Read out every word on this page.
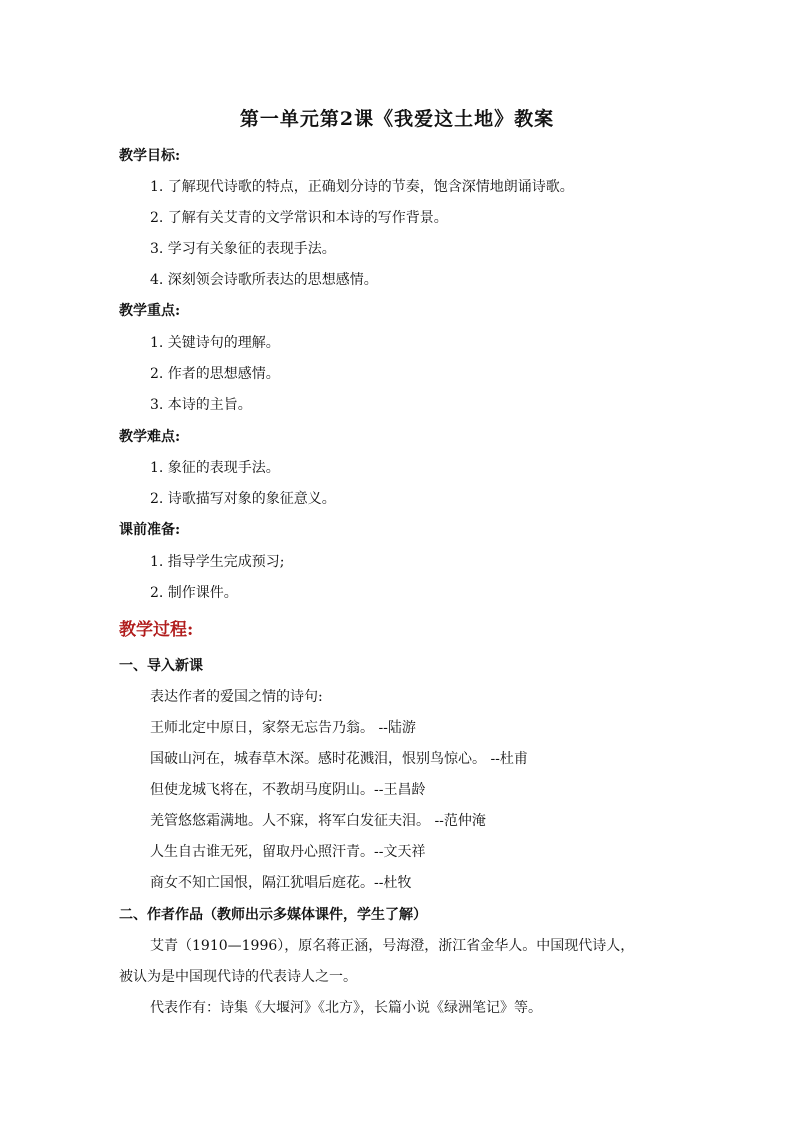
第一单元第2课《我爱这土地》教案
教学目标:
1. 了解现代诗歌的特点，正确划分诗的节奏，饱含深情地朗诵诗歌。
2. 了解有关艾青的文学常识和本诗的写作背景。
3. 学习有关象征的表现手法。
4. 深刻领会诗歌所表达的思想感情。
教学重点:
1. 关键诗句的理解。
2. 作者的思想感情。
3. 本诗的主旨。
教学难点:
1. 象征的表现手法。
2. 诗歌描写对象的象征意义。
课前准备:
1. 指导学生完成预习;
2. 制作课件。
教学过程:
一、导入新课
表达作者的爱国之情的诗句:
王师北定中原日，家祭无忘告乃翁。 --陆游
国破山河在，城春草木深。感时花溅泪，恨别鸟惊心。 --杜甫
但使龙城飞将在，不教胡马度阴山。--王昌龄
羌管悠悠霜满地。人不寐，将军白发征夫泪。 --范仲淹
人生自古谁无死，留取丹心照汗青。--文天祥
商女不知亡国恨，隔江犹唱后庭花。--杜牧
二、作者作品（教师出示多媒体课件，学生了解）
艾青（1910—1996），原名蒋正涵，号海澄，浙江省金华人。中国现代诗人，
被认为是中国现代诗的代表诗人之一。
代表作有：诗集《大堰河》《北方》，长篇小说《绿洲笔记》等。
